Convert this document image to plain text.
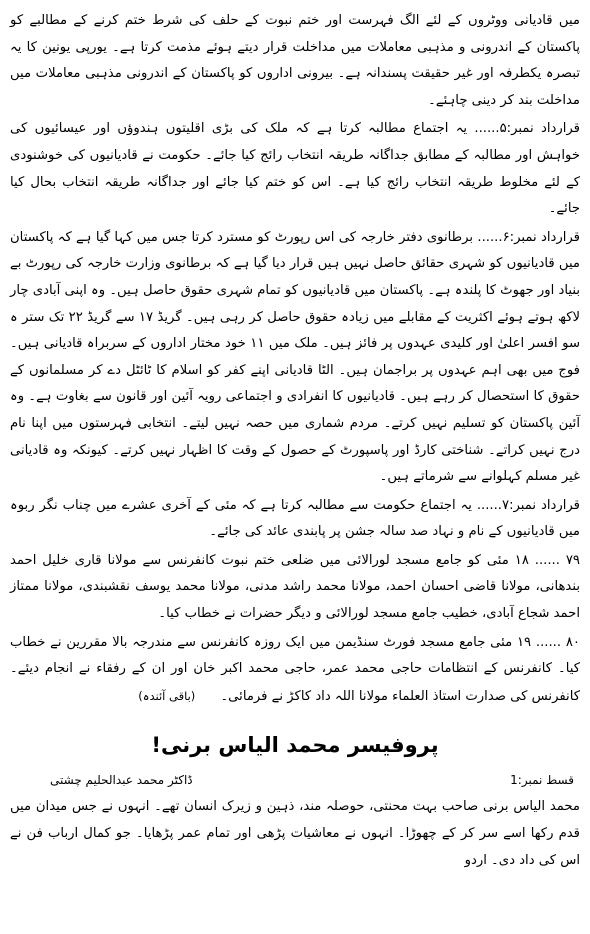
میں قادیانی ووٹروں کے لئے الگ فہرست اور ختم نبوت کے حلف کی شرط ختم کرنے کے مطالبے کو پاکستان کے اندرونی و مذہبی معاملات میں مداخلت قرار دیتے ہوئے مذمت کرتا ہے۔ یورپی یونین کا یہ تبصرہ یکطرفہ اور غیر حقیقت پسندانہ ہے۔ بیرونی اداروں کو پاکستان کے اندرونی مذہبی معاملات میں مداخلت بند کر دینی چاہئے۔

قرارداد نمبر:۵...... یہ اجتماع مطالبہ کرتا ہے کہ ملک کی بڑی اقلیتوں ہندوؤں اور عیسائیوں کی خواہش اور مطالبہ کے مطابق جداگانہ طریقہ انتخاب رائج کیا جائے۔ حکومت نے قادیانیوں کی خوشنودی کے لئے مخلوط طریقہ انتخاب رائج کیا ہے۔ اس کو ختم کیا جائے اور جداگانہ طریقہ انتخاب بحال کیا جائے۔

قرارداد نمبر:۶...... برطانوی دفتر خارجہ کی اس رپورٹ کو مسترد کرتا جس میں کہا گیا ہے کہ پاکستان میں قادیانیوں کو شہری حقائق حاصل نہیں ہیں قرار دیا گیا ہے کہ برطانوی وزارت خارجہ کی رپورٹ بے بنیاد اور جھوٹ کا پلندہ ہے۔ پاکستان میں قادیانیوں کو تمام شہری حقوق حاصل ہیں۔ وہ اپنی آبادی چار لاکھ ہوتے ہوئے اکثریت کے مقابلے میں زیادہ حقوق حاصل کر رہی ہیں۔ گریڈ ۱۷ سے گریڈ ۲۲ تک ستر ہ سو افسر اعلیٰ اور کلیدی عہدوں پر فائز ہیں۔ ملک میں ۱۱ خود مختار اداروں کے سربراہ قادیانی ہیں۔ فوج میں بھی اہم عہدوں پر براجمان ہیں۔ الٹا قادیانی اپنے کفر کو اسلام کا ٹائٹل دے کر مسلمانوں کے حقوق کا استحصال کر رہے ہیں۔ قادیانیوں کا انفرادی و اجتماعی رویہ آئین اور قانون سے بغاوت ہے۔ وہ آئین پاکستان کو تسلیم نہیں کرتے۔ مردم شماری میں حصہ نہیں لیتے۔ انتخابی فہرستوں میں اپنا نام درج نہیں کراتے۔ شناختی کارڈ اور پاسپورٹ کے حصول کے وقت کا اظہار نہیں کرتے۔ کیونکہ وہ قادیانی غیر مسلم کہلوانے سے شرماتے ہیں۔

قرارداد نمبر:۷...... یہ اجتماع حکومت سے مطالبہ کرتا ہے کہ مئی کے آخری عشرے میں چناب نگر ربوہ میں قادیانیوں کے نام و نہاد صد سالہ جشن پر پابندی عائد کی جائے۔

۷۹ ...... ۱۸ مئی کو جامع مسجد لورالائی میں ضلعی ختم نبوت کانفرنس سے مولانا قاری خلیل احمد بندھانی، مولانا قاضی احسان احمد، مولانا محمد راشد مدنی، مولانا محمد یوسف نقشبندی، مولانا ممتاز احمد شجاع آبادی، خطیب جامع مسجد لورالائی و دیگر حضرات نے خطاب کیا۔

۸۰ ...... ۱۹ مئی جامع مسجد فورٹ سنڈیمن میں ایک روزہ کانفرنس سے مندرجہ بالا مقررین نے خطاب کیا۔ کانفرنس کے انتظامات حاجی محمد عمر، حاجی محمد اکبر خان اور ان کے رفقاء نے انجام دیئے۔ کانفرنس کی صدارت استاذ العلماء مولانا اللہ داد کاکڑ نے فرمائی۔      (باقی آئندہ)

پروفیسر محمد الیاس برنی!
قسط نمبر:1
ڈاکٹر محمد عبدالحلیم چشتی

محمد الیاس برنی صاحب بہت محنتی، حوصلہ مند، ذہین و زیرک انسان تھے۔ انہوں نے جس میدان میں قدم رکھا اسے سر کر کے چھوڑا۔ انہوں نے معاشیات پڑھی اور تمام عمر پڑھایا۔ جو کمال ارباب فن نے اس کی داد دی۔ اردو
